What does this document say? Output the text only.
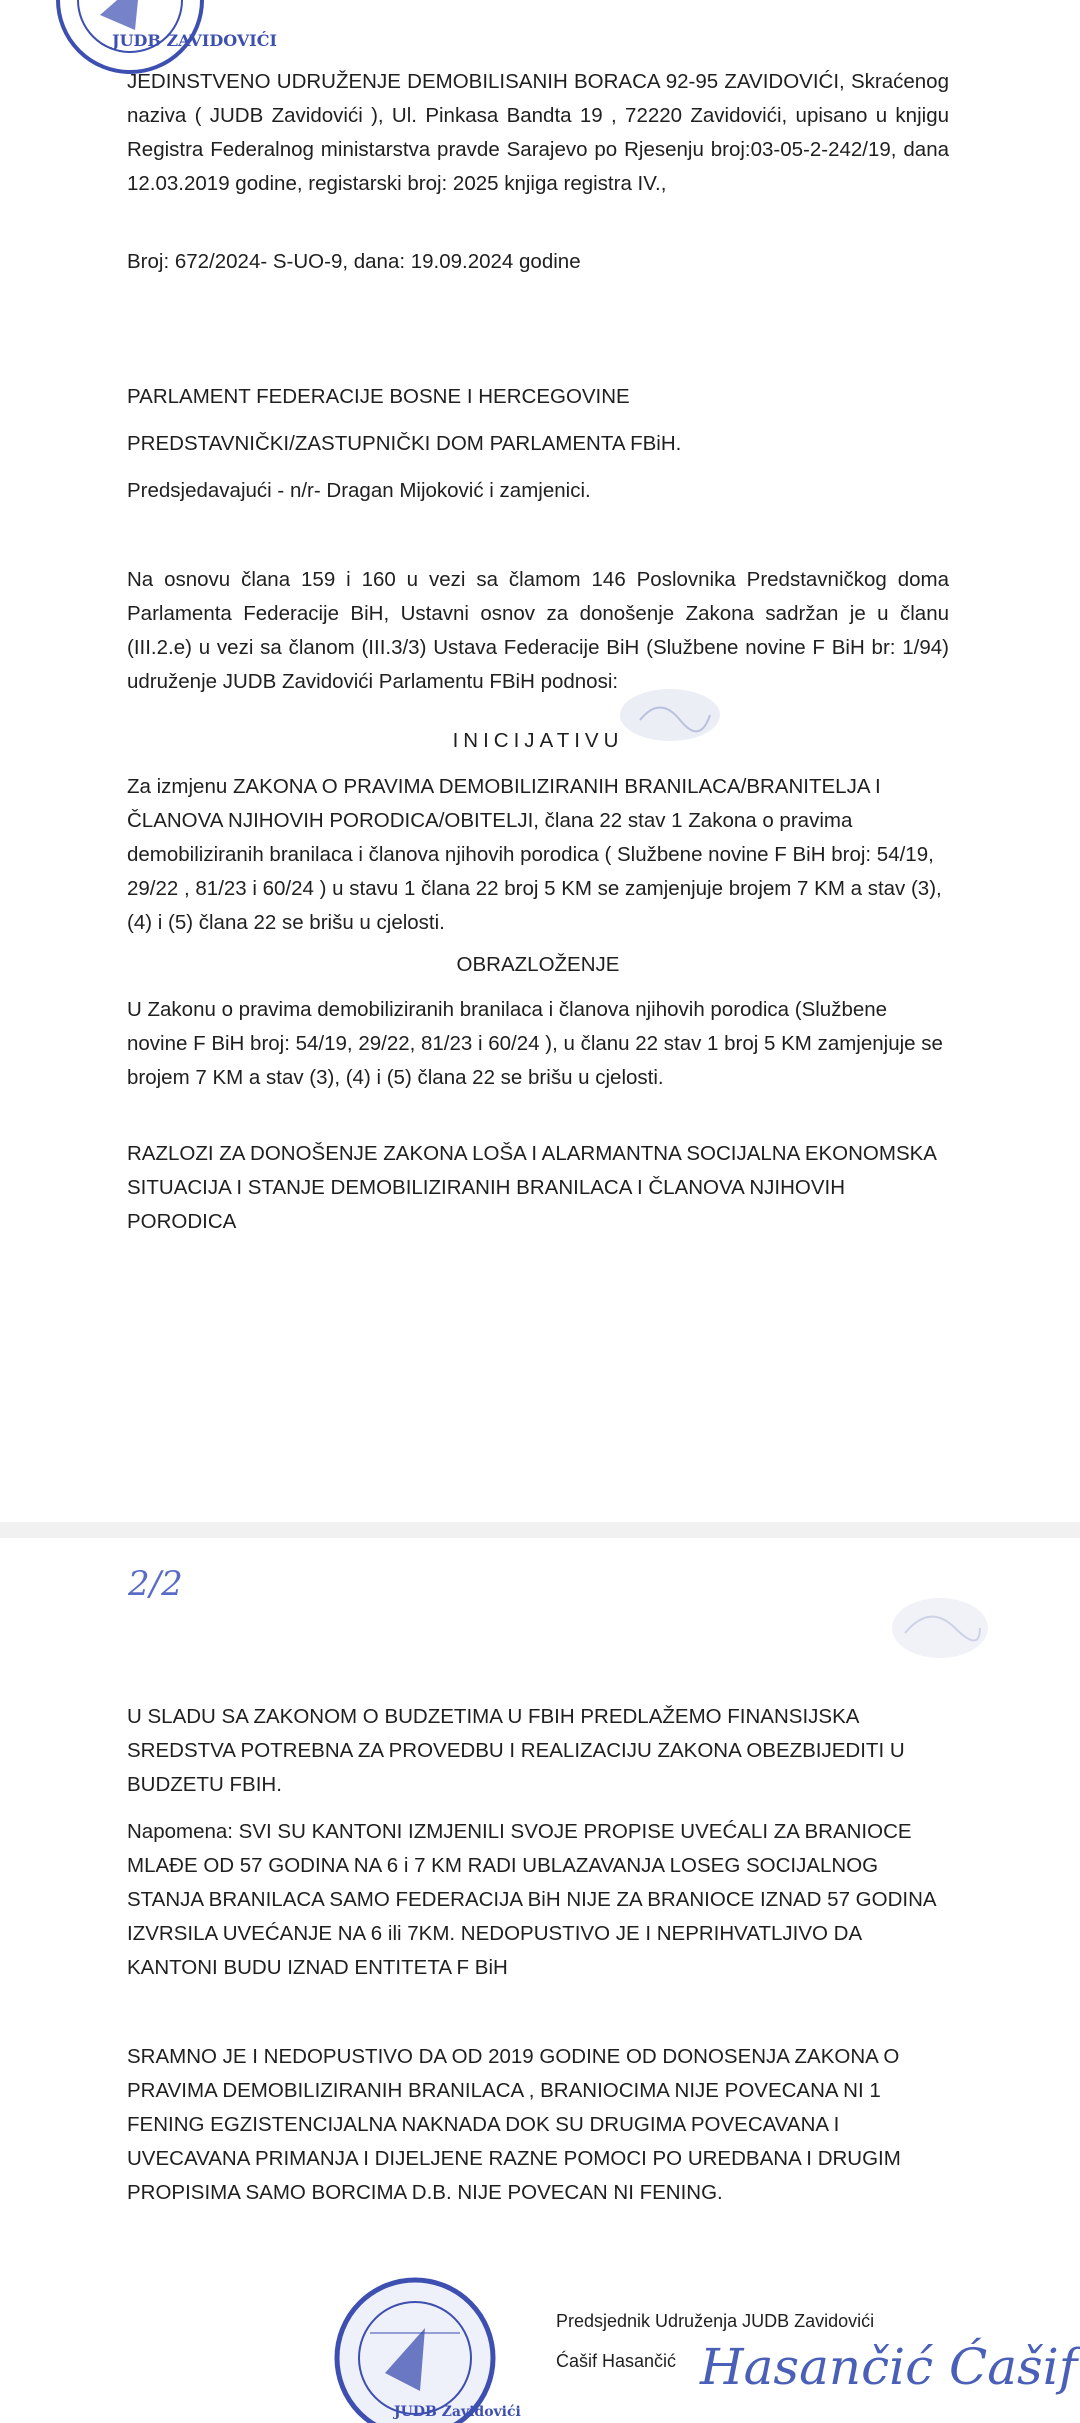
JUDB ZAVIDOVIĆI

JEDINSTVENO UDRUŽENJE DEMOBILISANIH BORACA 92-95 ZAVIDOVIĆI, Skraćenog naziva ( JUDB Zavidovići ), Ul. Pinkasa Bandta 19 , 72220 Zavidovići, upisano u knjigu Registra Federalnog ministarstva pravde Sarajevo po Rjesenju broj:03-05-2-242/19, dana 12.03.2019 godine, registarski broj: 2025 knjiga registra IV.,

Broj: 672/2024- S-UO-9, dana: 19.09.2024 godine

PARLAMENT FEDERACIJE BOSNE I HERCEGOVINE

PREDSTAVNIČKI/ZASTUPNIČKI DOM PARLAMENTA FBiH.

Predsjedavajući - n/r- Dragan Mijoković i zamjenici.

Na osnovu člana 159 i 160 u vezi sa člamom 146 Poslovnika Predstavničkog doma Parlamenta Federacije BiH, Ustavni osnov za donošenje Zakona sadržan je u članu (III.2.e) u vezi sa članom (III.3/3) Ustava Federacije BiH (Službene novine F BiH br: 1/94) udruženje JUDB Zavidovići Parlamentu FBiH podnosi:

INICIJATIVU

Za izmjenu ZAKONA O PRAVIMA DEMOBILIZIRANIH BRANILACA/BRANITELJA I ČLANOVA NJIHOVIH PORODICA/OBITELJI, člana 22 stav 1 Zakona o pravima demobiliziranih branilaca i članova njihovih porodica ( Službene novine F BiH broj: 54/19, 29/22 , 81/23 i 60/24 ) u stavu 1 člana 22 broj 5 KM se zamjenjuje brojem 7 KM a stav (3), (4) i (5) člana 22 se brišu u cjelosti.

OBRAZLOŽENJE

U Zakonu o pravima demobiliziranih branilaca i članova njihovih porodica (Službene novine F BiH broj: 54/19, 29/22, 81/23 i 60/24 ), u članu 22 stav 1 broj 5 KM zamjenjuje se brojem 7 KM a stav (3), (4) i (5) člana 22 se brišu u cjelosti.

RAZLOZI ZA DONOŠENJE ZAKONA LOŠA I ALARMANTNA SOCIJALNA EKONOMSKA SITUACIJA I STANJE DEMOBILIZIRANIH BRANILACA I ČLANOVA NJIHOVIH PORODICA

2/2

U SLADU SA ZAKONOM O BUDZETIMA U FBIH PREDLAŽEMO FINANSIJSKA SREDSTVA POTREBNA ZA PROVEDBU I REALIZACIJU ZAKONA OBEZBIJEDITI U BUDZETU FBIH.

Napomena: SVI SU KANTONI IZMJENILI SVOJE PROPISE UVEĆALI ZA BRANIOCE MLAĐE OD 57 GODINA NA 6 i 7 KM RADI UBLAZAVANJA LOSEG SOCIJALNOG STANJA BRANILACA SAMO FEDERACIJA BiH NIJE ZA BRANIOCE IZNAD 57 GODINA IZVRSILA UVEĆANJE NA 6 ili 7KM. NEDOPUSTIVO JE I NEPRIHVATLJIVO DA KANTONI BUDU IZNAD ENTITETA F BiH

SRAMNO JE I NEDOPUSTIVO DA OD 2019 GODINE OD DONOSENJA ZAKONA O PRAVIMA DEMOBILIZIRANIH BRANILACA , BRANIOCIMA NIJE POVECANA NI 1 FENING EGZISTENCIJALNA NAKNADA DOK SU DRUGIMA POVECAVANA I UVECAVANA PRIMANJA I DIJELJENE RAZNE POMOCI PO UREDBANA I DRUGIM PROPISIMA SAMO BORCIMA D.B. NIJE POVECAN NI FENING.

JUDB Zavidovići
Predsjednik Udruženja JUDB Zavidovići
Ćašif Hasančić Hasančić Ćašif
